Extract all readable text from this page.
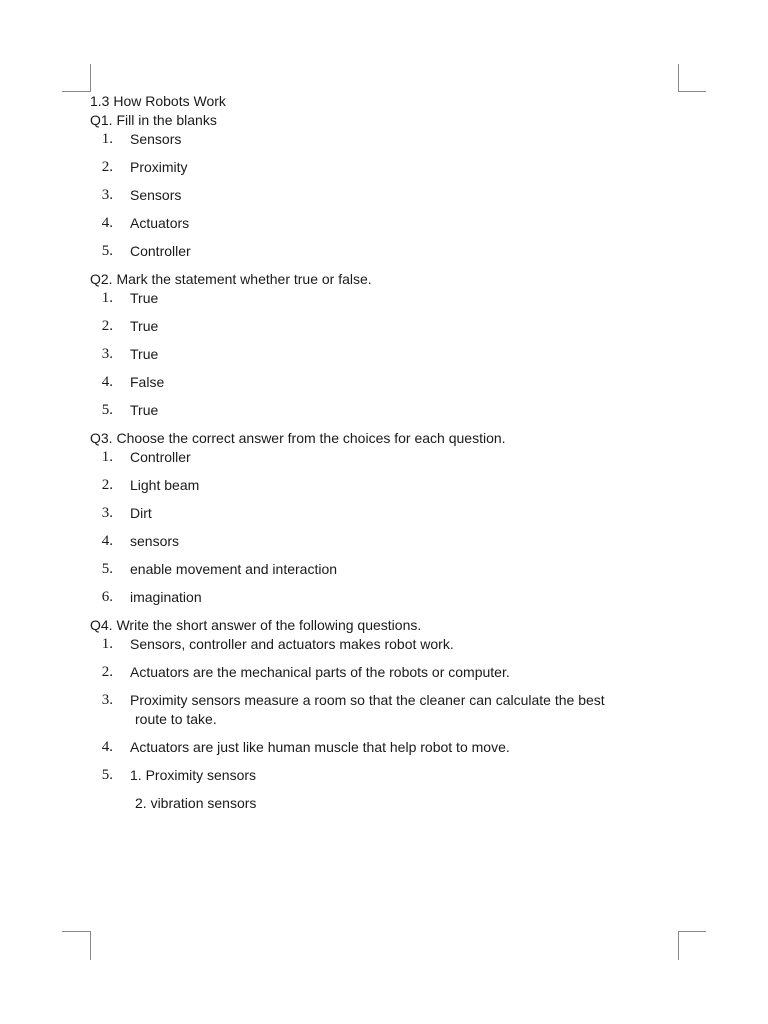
1.3 How Robots Work
Q1. Fill in the blanks
1.	Sensors
2.	Proximity
3.	Sensors
4.	Actuators
5.	Controller
Q2. Mark the statement whether true or false.
1.	True
2.	True
3.	True
4.	False
5.	True
Q3. Choose the correct answer from the choices for each question.
1.	Controller
2.	Light beam
3.	Dirt
4.	sensors
5.	enable movement and interaction
6.	imagination
Q4. Write the short answer of the following questions.
1.	Sensors, controller and actuators makes robot work.
2.	Actuators are the mechanical parts of the robots or computer.
3.	Proximity sensors measure a room so that the cleaner can calculate the best
route to take.
4.	Actuators are just like human muscle that help robot to move.
5.	1. Proximity sensors
2. vibration sensors
